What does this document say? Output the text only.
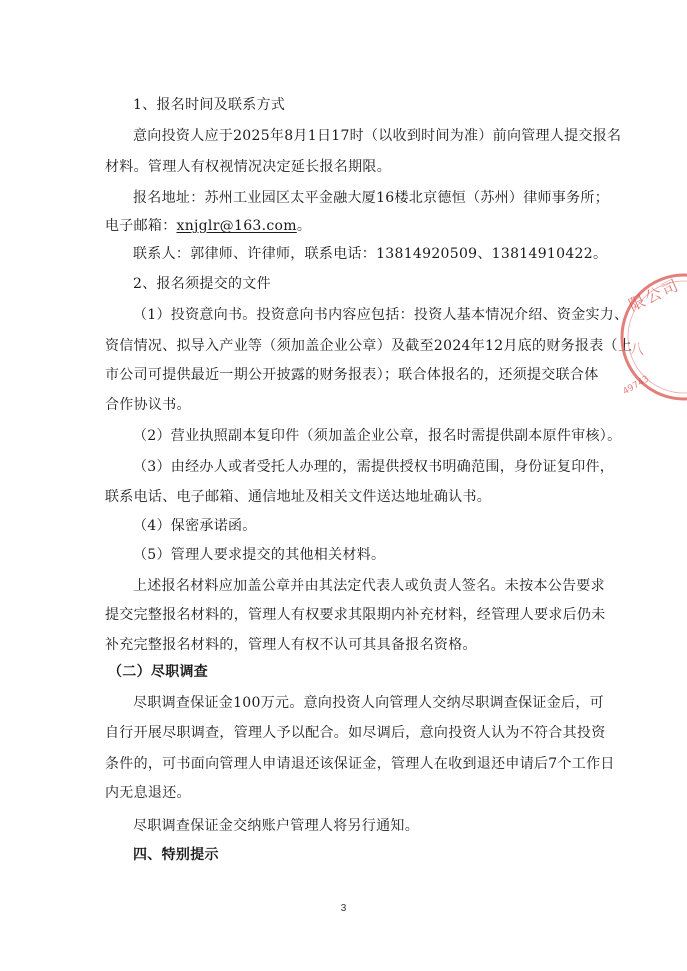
1、报名时间及联系方式
意向投资人应于2025年8月1日17时（以收到时间为准）前向管理人提交报名
材料。管理人有权视情况决定延长报名期限。
报名地址：苏州工业园区太平金融大厦16楼北京德恒（苏州）律师事务所；
电子邮箱：xnjglr@163.com。
联系人：郭律师、许律师，联系电话：13814920509、13814910422。
2、报名须提交的文件
（1）投资意向书。投资意向书内容应包括：投资人基本情况介绍、资金实力、
资信情况、拟导入产业等（须加盖企业公章）及截至2024年12月底的财务报表（上
市公司可提供最近一期公开披露的财务报表）；联合体报名的，还须提交联合体
合作协议书。
（2）营业执照副本复印件（须加盖企业公章，报名时需提供副本原件审核）。
（3）由经办人或者受托人办理的，需提供授权书明确范围，身份证复印件，
联系电话、电子邮箱、通信地址及相关文件送达地址确认书。
（4）保密承诺函。
（5）管理人要求提交的其他相关材料。
上述报名材料应加盖公章并由其法定代表人或负责人签名。未按本公告要求
提交完整报名材料的，管理人有权要求其限期内补充材料，经管理人要求后仍未
补充完整报名材料的，管理人有权不认可其具备报名资格。
（二）尽职调查
尽职调查保证金100万元。意向投资人向管理人交纳尽职调查保证金后，可
自行开展尽职调查，管理人予以配合。如尽调后，意向投资人认为不符合其投资
条件的，可书面向管理人申请退还该保证金，管理人在收到退还申请后7个工作日
内无息退还。
尽职调查保证金交纳账户管理人将另行通知。
四、特别提示
3
限公司
八
49743
